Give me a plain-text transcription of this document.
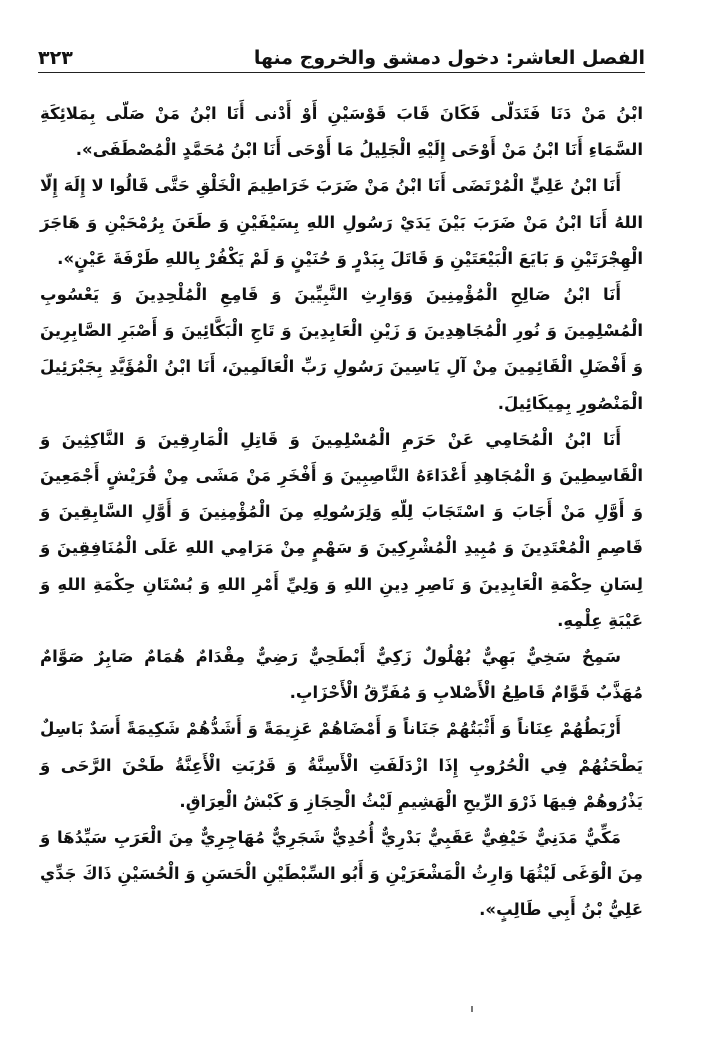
الفصل العاشر: دخول دمشق والخروج منها
٣٢٣

ابْنُ مَنْ دَنَا فَتَدَلّى فَكَانَ قَابَ قَوْسَيْنِ أَوْ أَدْنى أَنَا ابْنُ مَنْ صَلّى بِمَلائِكَةِ السَّمَاءِ أَنَا ابْنُ مَنْ أَوْحَى إِلَيْهِ الْجَلِيلُ مَا أَوْحَى أَنَا ابْنُ مُحَمَّدٍ الْمُصْطَفَى».

أَنَا ابْنُ عَلِيٍّ الْمُرْتَضَى أَنَا ابْنُ مَنْ ضَرَبَ خَرَاطِيمَ الْخَلْقِ حَتَّى قَالُوا لا إِلَهَ إِلّا اللهُ أَنَا ابْنُ مَنْ ضَرَبَ بَيْنَ يَدَيْ رَسُولِ اللهِ بِسَيْفَيْنِ وَ طَعَنَ بِرُمْحَيْنِ وَ هَاجَرَ الْهِجْرَتَيْنِ وَ بَايَعَ الْبَيْعَتَيْنِ وَ قَاتَلَ بِبَدْرٍ وَ حُنَيْنٍ وَ لَمْ يَكْفُرْ بِاللهِ طَرْفَةَ عَيْنٍ».

أَنَا ابْنُ صَالِحِ الْمُؤْمِنِينَ وَوَارِثِ النَّبِيِّينَ وَ قَامِعِ الْمُلْحِدِينَ وَ يَعْسُوبِ الْمُسْلِمِينَ وَ نُورِ الْمُجَاهِدِينَ وَ زَيْنِ الْعَابِدِينَ وَ تَاجِ الْبَكَّائِينَ وَ أَصْبَرِ الصَّابِرِينَ وَ أَفْضَلِ الْقَائِمِينَ مِنْ آلِ يَاسِينَ رَسُولِ رَبِّ الْعَالَمِينَ، أَنَا ابْنُ الْمُؤَيَّدِ بِجَبْرَئِيلَ الْمَنْصُورِ بِمِيكَائِيلَ.

أَنَا ابْنُ الْمُحَامِي عَنْ حَرَمِ الْمُسْلِمِينَ وَ قَاتِلِ الْمَارِقِينَ وَ النَّاكِثِينَ وَ الْقَاسِطِينَ وَ الْمُجَاهِدِ أَعْدَاءَهُ النَّاصِبِينَ وَ أَفْخَرِ مَنْ مَشَى مِنْ قُرَيْشٍ أَجْمَعِينَ وَ أَوَّلِ مَنْ أَجَابَ وَ اسْتَجَابَ لِلّهِ وَلِرَسُولِهِ مِنَ الْمُؤْمِنِينَ وَ أَوَّلِ السَّابِقِينَ وَ قَاصِمِ الْمُعْتَدِينَ وَ مُبِيدِ الْمُشْرِكِينَ وَ سَهْمٍ مِنْ مَرَامِي اللهِ عَلَى الْمُنَافِقِينَ وَ لِسَانِ حِكْمَةِ الْعَابِدِينَ وَ نَاصِرِ دِينِ اللهِ وَ وَلِيِّ أَمْرِ اللهِ وَ بُسْتَانِ حِكْمَةِ اللهِ وَ عَيْبَةِ عِلْمِهِ.

سَمِحٌ سَخِيٌّ بَهِيٌّ بُهْلُولٌ زَكِيٌّ أَبْطَحِيٌّ رَضِيٌّ مِقْدَامٌ هُمَامٌ صَابِرٌ صَوَّامٌ مُهَذَّبٌ قَوَّامٌ قَاطِعُ الْأَصْلابِ وَ مُفَرِّقُ الْأَحْزَابِ.

أَرْبَطُهُمْ عِنَاناً وَ أَثْبَتُهُمْ جَنَاناً وَ أَمْضَاهُمْ عَزِيمَةً وَ أَشَدُّهُمْ شَكِيمَةً أَسَدٌ بَاسِلٌ يَطْحَنُهُمْ فِي الْحُرُوبِ إِذَا ازْدَلَفَتِ الْأَسِنَّةُ وَ قَرُبَتِ الْأَعِنَّةُ طَحْنَ الرَّحَى وَ يَذْرُوهُمْ فِيهَا ذَرْوَ الرِّيحِ الْهَشِيمِ لَيْثُ الْحِجَازِ وَ كَبْشُ الْعِرَاقِ.

مَكِّيٌّ مَدَنِيٌّ خَيْفِيٌّ عَقَبِيٌّ بَدْرِيٌّ أُحُدِيٌّ شَجَرِيٌّ مُهَاجِرِيٌّ مِنَ الْعَرَبِ سَيِّدُهَا وَ مِنَ الْوَغَى لَيْثُهَا وَارِثُ الْمَشْعَرَيْنِ وَ أَبُو السِّبْطَيْنِ الْحَسَنِ وَ الْحُسَيْنِ ذَاكَ جَدِّي عَلِيُّ بْنُ أَبِي طَالِبٍ».
